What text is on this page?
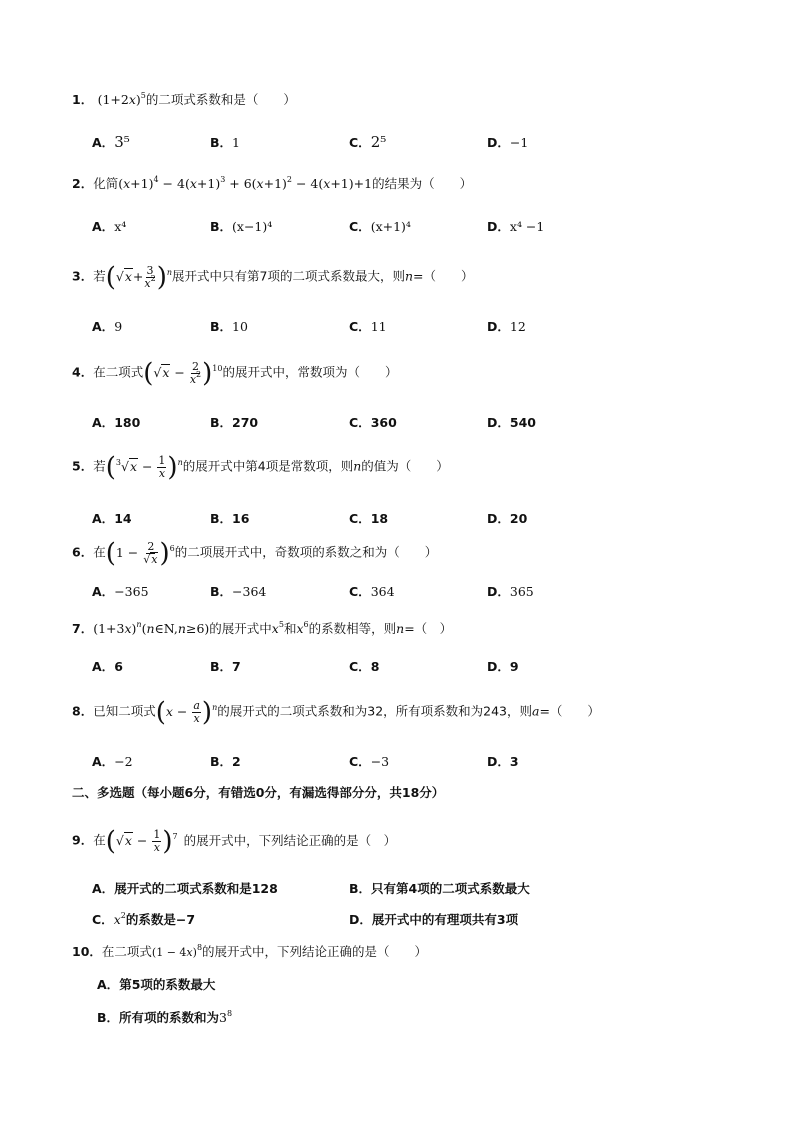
1． $(1+2x)^5$的二项式系数和是（　　）
A．3⁵	B．1	C．2⁵	D．−1
2．化简$(x+1)^4 - 4(x+1)^3 + 6(x+1)^2 - 4(x+1)+1$的结果为（　　）
A．x⁴	B．(x−1)⁴	C．(x+1)⁴	D．x⁴ −1
3．若$(√x+ \frac{3}{x^2} )^n$展开式中只有第7项的二项式系数最大，则n=（　　）
A．9	B．10	C．11	D．12
4．在二项式$(√x - \frac{2}{x^2} )^{10}$的展开式中，常数项为（　　）
A．180	B．270	C．360	D．540
5．若$(^3√x - \frac{1}{x} )^n$的展开式中第4项是常数项，则n的值为（　　）
A．14	B．16	C．18	D．20
6．在$(1 - \frac{2}{√x} )^6$的二项展开式中，奇数项的系数之和为（　　）
A．−365	B．−364	C．364	D．365
7．$(1+3x)^n(n\in N,n\ge 6)$的展开式中$x^5$和$x^6$的系数相等，则n=（　）
A．6	B．7	C．8	D．9
8．已知二项式$(x - \frac{a}{x} )^n$的展开式的二项式系数和为32，所有项系数和为243，则a=（　　）
A．−2	B．2	C．−3	D．3
二、多选题（每小题6分，有错选0分，有漏选得部分分，共18分）
9．在$(√x - \frac{1}{x} )^7$ 的展开式中，下列结论正确的是（　）
A．展开式的二项式系数和是128	B．只有第4项的二项式系数最大
C．$x^2$的系数是−7	D．展开式中的有理项共有3项
10．在二项式$(1 - 4x)^8$的展开式中，下列结论正确的是（　　）
A．第5项的系数最大
B．所有项的系数和为$3^8$
